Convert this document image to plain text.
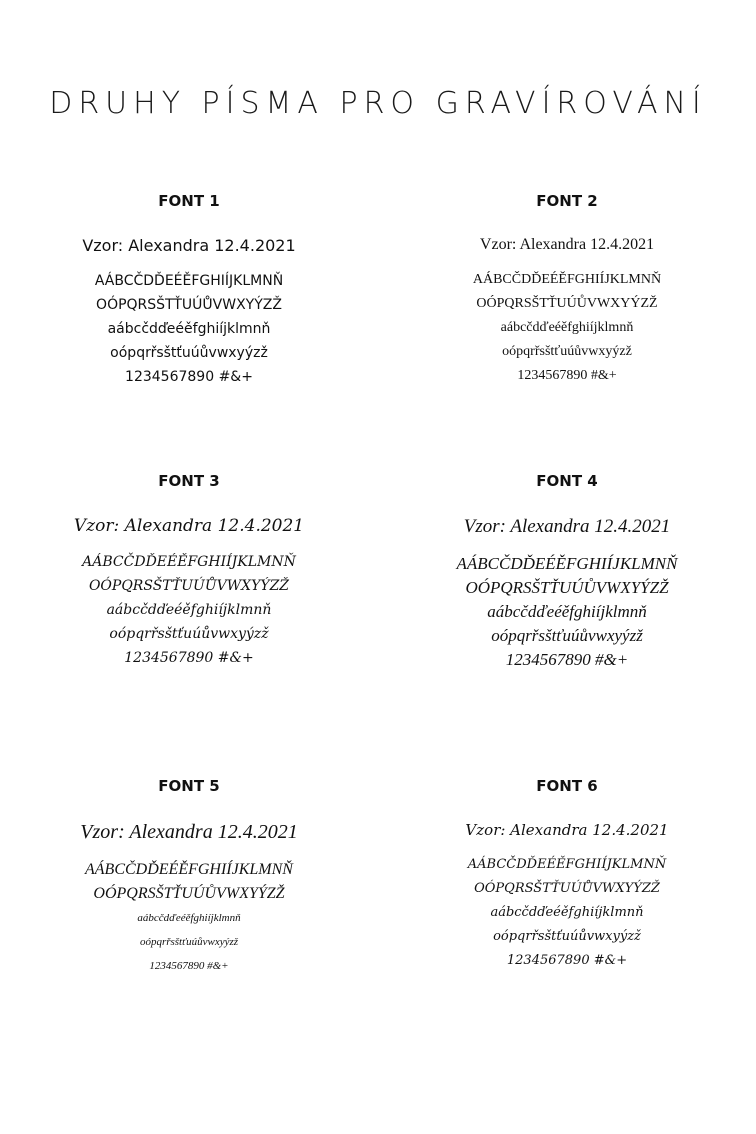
DRUHY PÍSMA PRO GRAVÍROVÁNÍ
FONT 1
Vzor: Alexandra 12.4.2021
AÁBCČDĎEÉĚFGHIÍJKLMNŇ
OÓPQRSŠTŤUÚŮVWXYÝZŽ
aábcčdďeéěfghiíjklmnň
oópqrřsštťuúůvwxyýzž
1234567890 #&+
FONT 2
Vzor: Alexandra 12.4.2021
AÁBCČDĎEÉĚFGHIÍJKLMNŇ
OÓPQRSŠTŤUÚŮVWXYÝZŽ
aábcčdďeéěfghiíjklmnň
oópqrřsštťuúůvwxyýzž
1234567890 #&+
FONT 3
Vzor: Alexandra 12.4.2021
AÁBCČDĎEÉĚFGHIÍJKLMNŇ
OÓPQRSŠTŤUÚŮVWXYÝZŽ
aábcčdďeéěfghiíjklmnň
oópqrřsštťuúůvwxyýzž
1234567890 #&+
FONT 4
Vzor: Alexandra 12.4.2021
AÁBCČDĎEÉĚFGHIÍJKLMNŇ
OÓPQRSŠTŤUÚŮVWXYÝZŽ
aábcčdďeéěfghiíjklmnň
oópqrřsštťuúůvwxyýzž
1234567890 #&+
FONT 5
Vzor: Alexandra 12.4.2021
AÁBCČDĎEÉĚFGHIÍJKLMNŇ
OÓPQRSŠTŤUÚŮVWXYÝZŽ
aábcčdďeéěfghiíjklmnň
oópqrřsštťuúůvwxyýzž
1234567890 #&+
FONT 6
Vzor: Alexandra 12.4.2021
AÁBCČDĎEÉĚFGHIÍJKLMNŇ
OÓPQRSŠTŤUÚŮVWXYÝZŽ
aábcčdďeéěfghiíjklmnň
oópqrřsštťuúůvwxyýzž
1234567890 #&+
